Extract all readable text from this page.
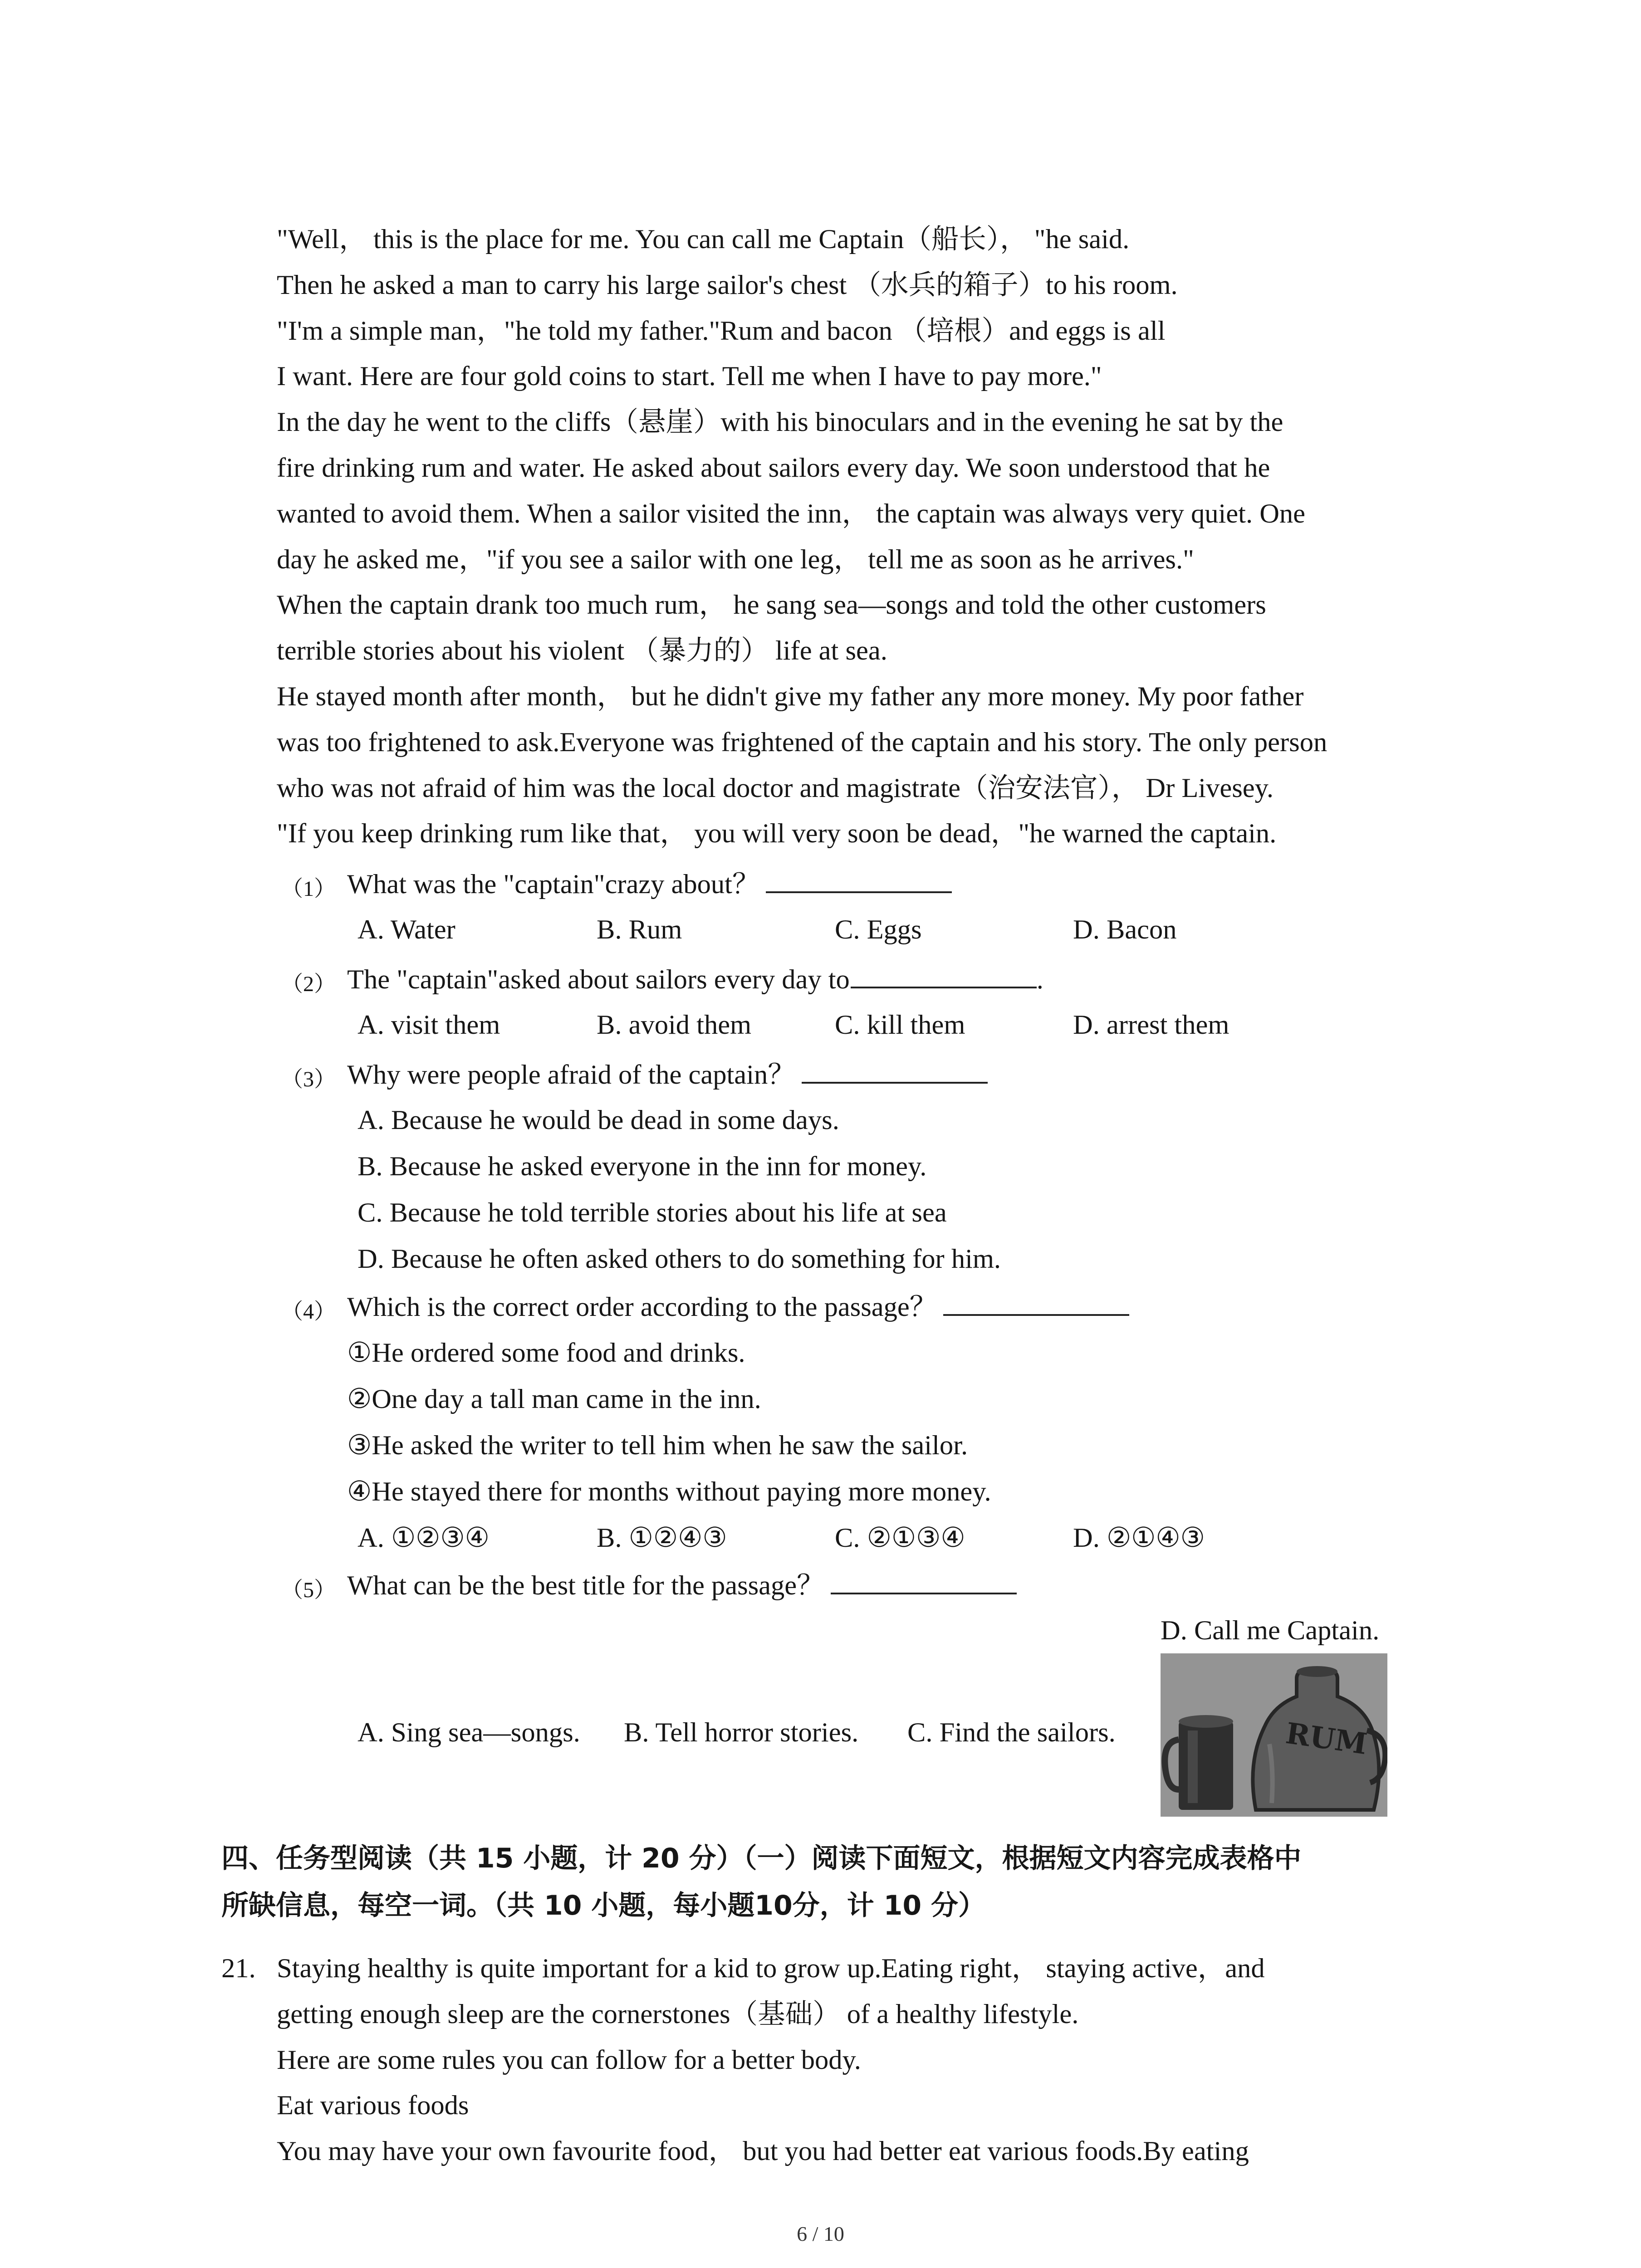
"Well， this is the place for me. You can call me Captain（船长）， "he said.
Then he asked a man to carry his large sailor's chest （水兵的箱子）to his room.
"I'm a simple man，"he told my father."Rum and bacon （培根）and eggs is all
I want. Here are four gold coins to start. Tell me when I have to pay more."
In the day he went to the cliffs（悬崖）with his binoculars and in the evening he sat by the
fire drinking rum and water. He asked about sailors every day. We soon understood that he
wanted to avoid them. When a sailor visited the inn， the captain was always very quiet. One
day he asked me，"if you see a sailor with one leg， tell me as soon as he arrives."
When the captain drank too much rum， he sang sea—songs and told the other customers
terrible stories about his violent （暴力的） life at sea.
He stayed month after month， but he didn't give my father any more money. My poor father
was too frightened to ask.Everyone was frightened of the captain and his story. The only person
who was not afraid of him was the local doctor and magistrate（治安法官）， Dr Livesey.
"If you keep drinking rum like that， you will very soon be dead，"he warned the captain.
（1） What was the "captain"crazy about？
A. Water	B. Rum	C. Eggs	D. Bacon
（2） The "captain"asked about sailors every day to	.
A. visit them	B. avoid them	C. kill them	D. arrest them
（3） Why were people afraid of the captain？
A. Because he would be dead in some days.
B. Because he asked everyone in the inn for money.
C. Because he told terrible stories about his life at sea
D. Because he often asked others to do something for him.
（4） Which is the correct order according to the passage？
①He ordered some food and drinks.
②One day a tall man came in the inn.
③He asked the writer to tell him when he saw the sailor.
④He stayed there for months without paying more money.
A. ①②③④	B. ①②④③	C. ②①③④	D. ②①④③
（5） What can be the best title for the passage？
D. Call me Captain.
A. Sing sea—songs. B. Tell horror stories. C. Find the sailors.	RUM
四、任务型阅读（共 15 小题，计 20 分）（一）阅读下面短文，根据短文内容完成表格中
所缺信息，每空一词。（共 10 小题，每小题10分，计 10 分）
21. Staying healthy is quite important for a kid to grow up.Eating right， staying active，and
getting enough sleep are the cornerstones（基础） of a healthy lifestyle.
Here are some rules you can follow for a better body.
Eat various foods
You may have your own favourite food， but you had better eat various foods.By eating
6 / 10
